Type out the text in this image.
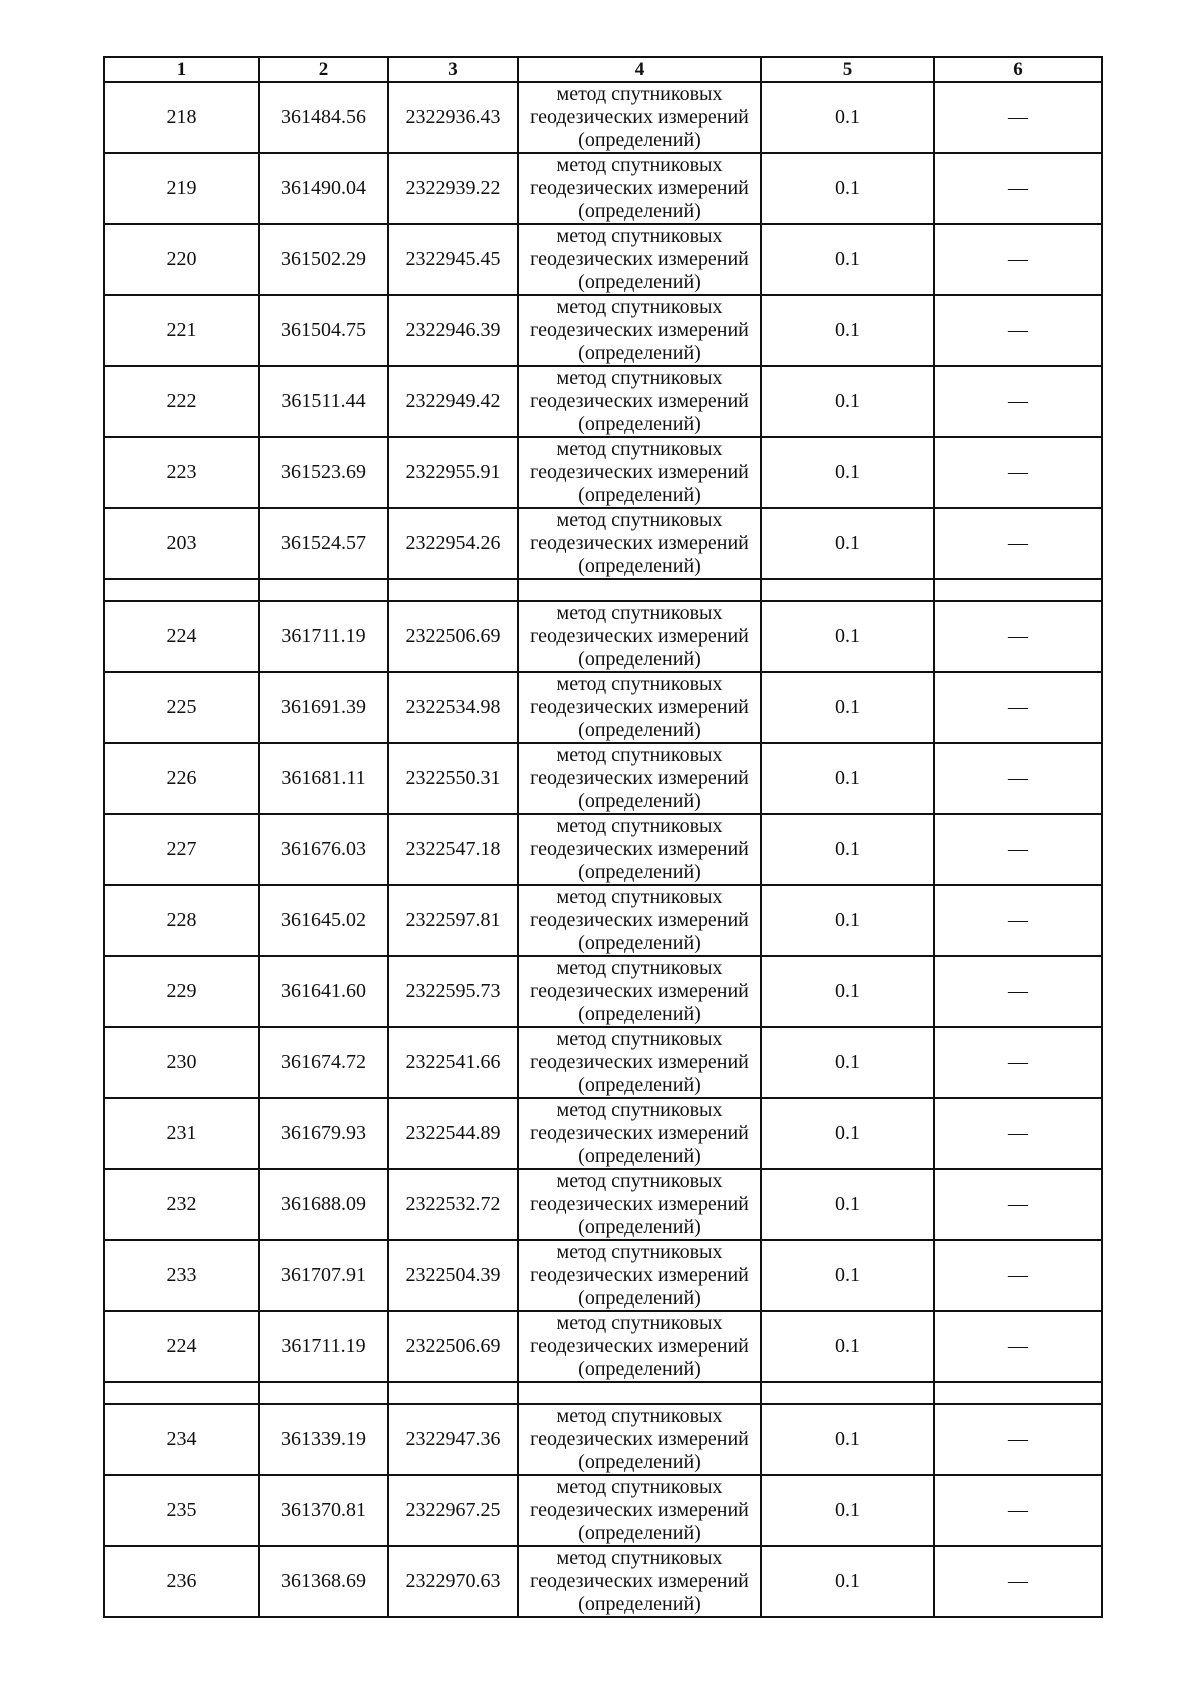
1	2	3	4	5	6
218	361484.56	2322936.43	метод спутниковых геодезических измерений (определений)	0.1	—
219	361490.04	2322939.22	метод спутниковых геодезических измерений (определений)	0.1	—
220	361502.29	2322945.45	метод спутниковых геодезических измерений (определений)	0.1	—
221	361504.75	2322946.39	метод спутниковых геодезических измерений (определений)	0.1	—
222	361511.44	2322949.42	метод спутниковых геодезических измерений (определений)	0.1	—
223	361523.69	2322955.91	метод спутниковых геодезических измерений (определений)	0.1	—
203	361524.57	2322954.26	метод спутниковых геодезических измерений (определений)	0.1	—

224	361711.19	2322506.69	метод спутниковых геодезических измерений (определений)	0.1	—
225	361691.39	2322534.98	метод спутниковых геодезических измерений (определений)	0.1	—
226	361681.11	2322550.31	метод спутниковых геодезических измерений (определений)	0.1	—
227	361676.03	2322547.18	метод спутниковых геодезических измерений (определений)	0.1	—
228	361645.02	2322597.81	метод спутниковых геодезических измерений (определений)	0.1	—
229	361641.60	2322595.73	метод спутниковых геодезических измерений (определений)	0.1	—
230	361674.72	2322541.66	метод спутниковых геодезических измерений (определений)	0.1	—
231	361679.93	2322544.89	метод спутниковых геодезических измерений (определений)	0.1	—
232	361688.09	2322532.72	метод спутниковых геодезических измерений (определений)	0.1	—
233	361707.91	2322504.39	метод спутниковых геодезических измерений (определений)	0.1	—
224	361711.19	2322506.69	метод спутниковых геодезических измерений (определений)	0.1	—

234	361339.19	2322947.36	метод спутниковых геодезических измерений (определений)	0.1	—
235	361370.81	2322967.25	метод спутниковых геодезических измерений (определений)	0.1	—
236	361368.69	2322970.63	метод спутниковых геодезических измерений (определений)	0.1	—
